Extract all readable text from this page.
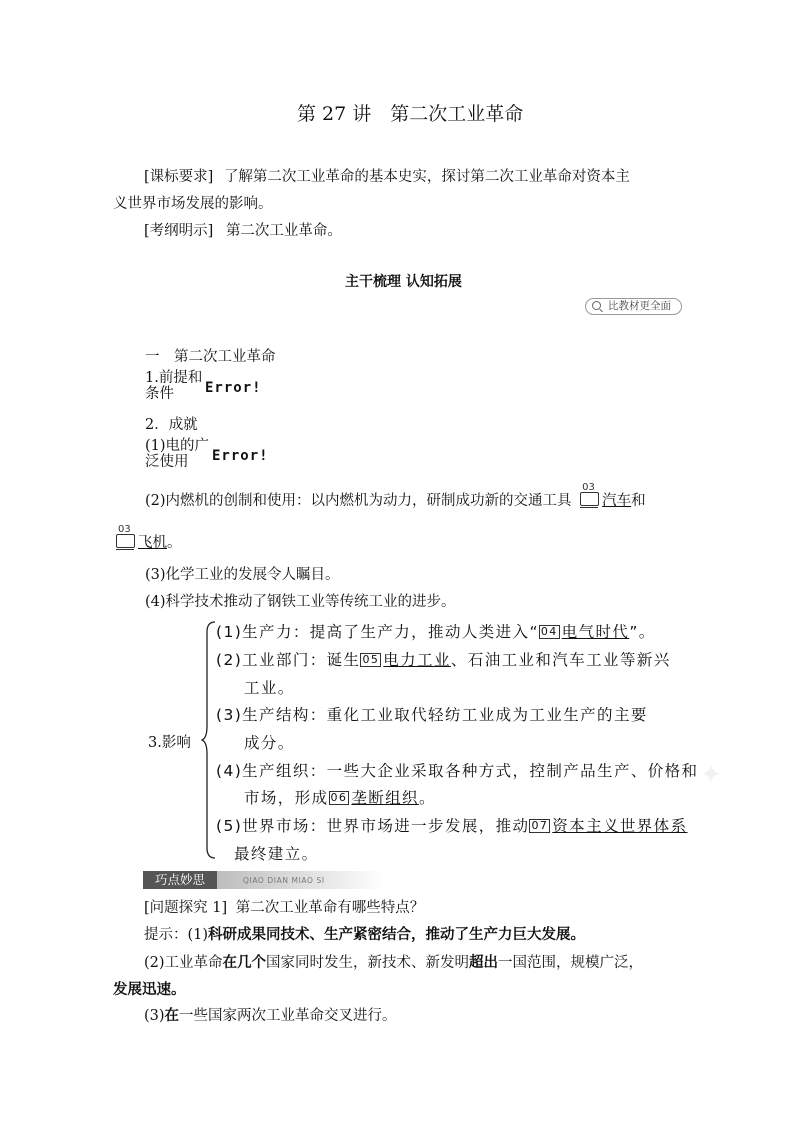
第 27 讲　第二次工业革命
[课标要求] 了解第二次工业革命的基本史实，探讨第二次工业革命对资本主
义世界市场发展的影响。
[考纲明示] 第二次工业革命。
主干梳理 认知拓展
比教材更全面
一　第二次工业革命
1.前提和
条件	Error!
2．成就
(1)电的广
泛使用	Error!
(2)内燃机的创制和使用：以内燃机为动力，研制成功新的交通工具
03
汽车和
03
飞机。
(3)化学工业的发展令人瞩目。
(4)科学技术推动了钢铁工业等传统工业的进步。
3.影响
(1)生产力：提高了生产力，推动人类进入“ 04 电气时代”。
(2)工业部门：诞生 05 电力工业、石油工业和汽车工业等新兴
工业。
(3)生产结构：重化工业取代轻纺工业成为工业生产的主要
成分。
(4)生产组织：一些大企业采取各种方式，控制产品生产、价格和
市场，形成 06 垄断组织。
(5)世界市场：世界市场进一步发展，推动 07 资本主义世界体系
最终建立。
✦
巧点妙思	QIAO DIAN MIAO SI
[问题探究 1] 第二次工业革命有哪些特点？
提示：(1)科研成果同技术、生产紧密结合，推动了生产力巨大发展。
(2)工业革命在几个国家同时发生，新技术、新发明超出一国范围，规模广泛，
发展迅速。
(3)在一些国家两次工业革命交叉进行。
